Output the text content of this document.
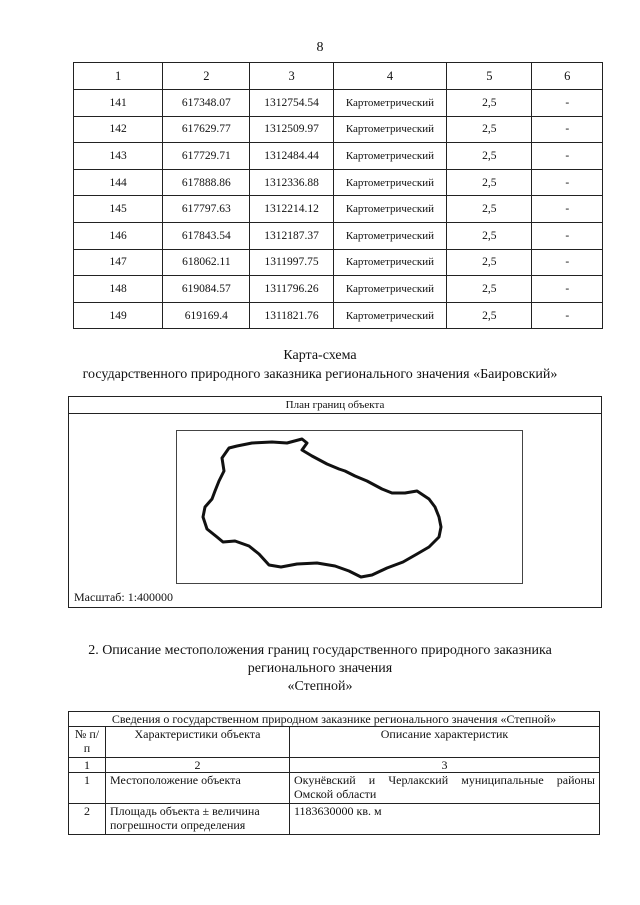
8
1	2	3	4	5	6
141	617348.07	1312754.54	Картометрический	2,5	-
142	617629.77	1312509.97	Картометрический	2,5	-
143	617729.71	1312484.44	Картометрический	2,5	-
144	617888.86	1312336.88	Картометрический	2,5	-
145	617797.63	1312214.12	Картометрический	2,5	-
146	617843.54	1312187.37	Картометрический	2,5	-
147	618062.11	1311997.75	Картометрический	2,5	-
148	619084.57	1311796.26	Картометрический	2,5	-
149	619169.4	1311821.76	Картометрический	2,5	-
Карта-схема
государственного природного заказника регионального значения «Баировский»
План границ объекта
Масштаб: 1:400000
2. Описание местоположения границ государственного природного заказника
регионального значения
«Степной»
Сведения о государственном природном заказнике регионального значения «Степной»		
№ п/п	Характеристики объекта	Описание характеристик
1	2	3
1	Местоположение объекта	Окунёвский и Черлакский муниципальные районы Омской области
2	Площадь объекта ± величина погрешности определения	1183630000 кв. м
